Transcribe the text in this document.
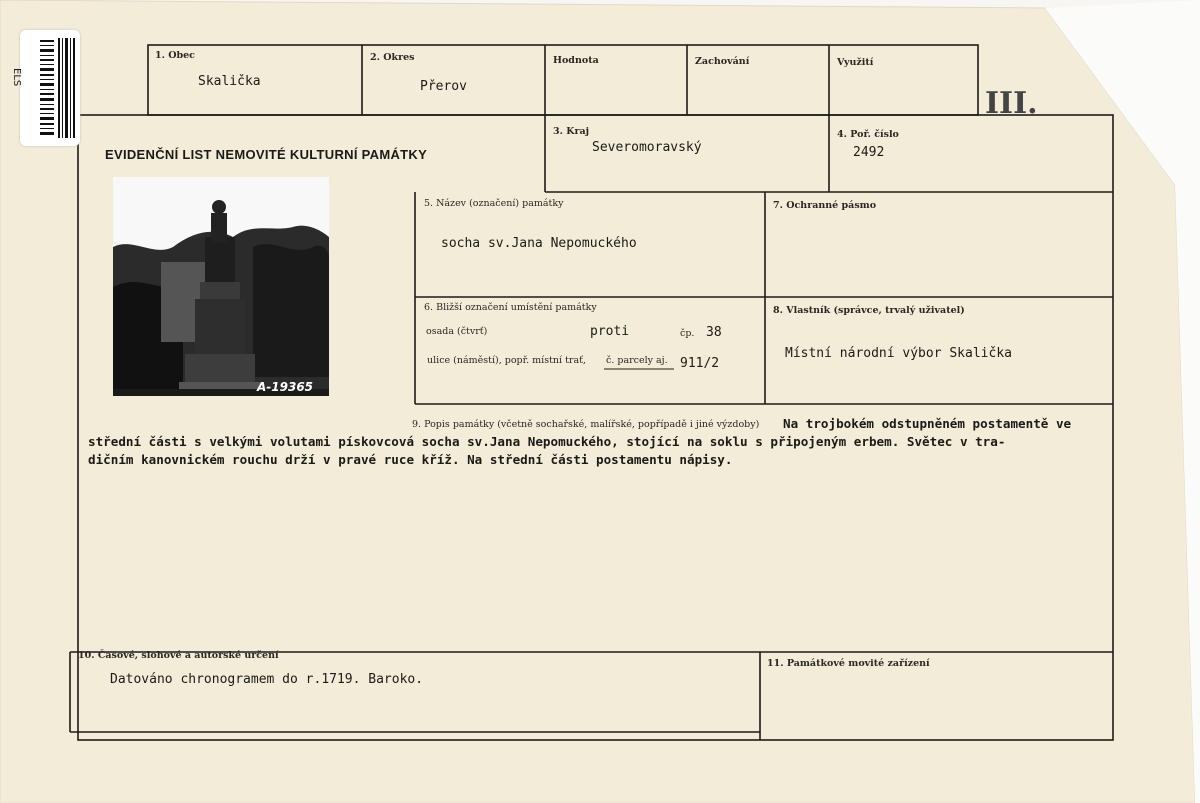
ELS
1. Obec
Skalička
2. Okres
Přerov
Hodnota	Zachování	Využití
III.
EVIDENČNÍ LIST NEMOVITÉ KULTURNÍ PAMÁTKY
3. Kraj
Severomoravský
4. Poř. číslo
2492
A-19365
5. Název (označení) památky
socha sv.Jana Nepomuckého
7. Ochranné pásmo
6. Bližší označení umístění památky
osada (čtvrť)	proti	čp. 38
ulice (náměstí), popř. místní trať, č. parcely aj. 911/2
8. Vlastník (správce, trvalý uživatel)
Místní národní výbor Skalička
9. Popis památky (včetně sochařské, malířské, popřípadě i jiné výzdoby) Na trojbokém odstupněném postamentě ve
střední části s velkými volutami pískovcová socha sv.Jana Nepomuckého, stojící na soklu s připojeným erbem. Světec v tra-
dičním kanovnickém rouchu drží v pravé ruce kříž. Na střední části postamentu nápisy.
10. Časové, slohové a autorské určení
Datováno chronogramem do r.1719. Baroko.
11. Památkové movité zařízení
